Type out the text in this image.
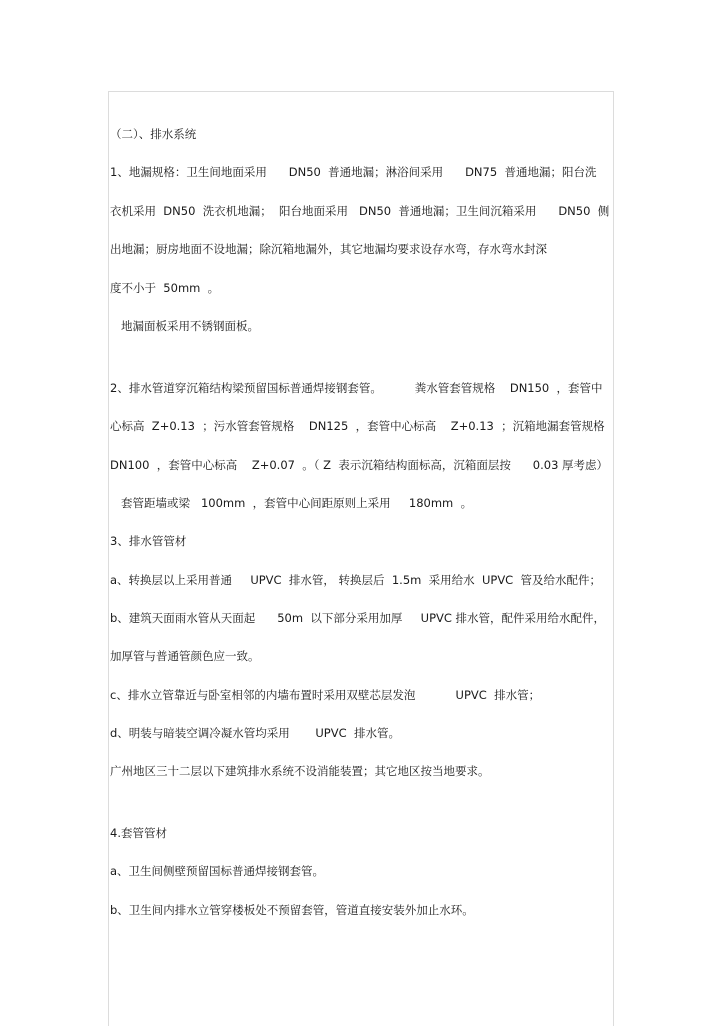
（二）、排水系统
1、地漏规格：卫生间地面采用      DN50  普通地漏；淋浴间采用      DN75  普通地漏；阳台洗
衣机采用  DN50  洗衣机地漏；  阳台地面采用   DN50  普通地漏；卫生间沉箱采用      DN50  侧
出地漏；厨房地面不设地漏；除沉箱地漏外，其它地漏均要求设存水弯，存水弯水封深
度不小于  50mm  。
地漏面板采用不锈钢面板。
2、排水管道穿沉箱结构梁预留国标普通焊接钢套管。         粪水管套管规格    DN150  ，套管中
心标高  Z+0.13  ；污水管套管规格    DN125  ，套管中心标高    Z+0.13  ；沉箱地漏套管规格
DN100  ，套管中心标高    Z+0.07  。（ Z  表示沉箱结构面标高，沉箱面层按      0.03 厚考虑）
套管距墙或梁   100mm  ，套管中心间距原则上采用     180mm  。
3、排水管管材
a、转换层以上采用普通     UPVC  排水管， 转换层后  1.5m  采用给水  UPVC  管及给水配件；
b、建筑天面雨水管从天面起      50m  以下部分采用加厚     UPVC 排水管，配件采用给水配件，
加厚管与普通管颜色应一致。
c、排水立管靠近与卧室相邻的内墙布置时采用双壁芯层发泡           UPVC  排水管；
d、明装与暗装空调冷凝水管均采用       UPVC  排水管。
广州地区三十二层以下建筑排水系统不设消能装置；其它地区按当地要求。
4.套管管材
a、卫生间侧壁预留国标普通焊接钢套管。
b、卫生间内排水立管穿楼板处不预留套管，管道直接安装外加止水环。
